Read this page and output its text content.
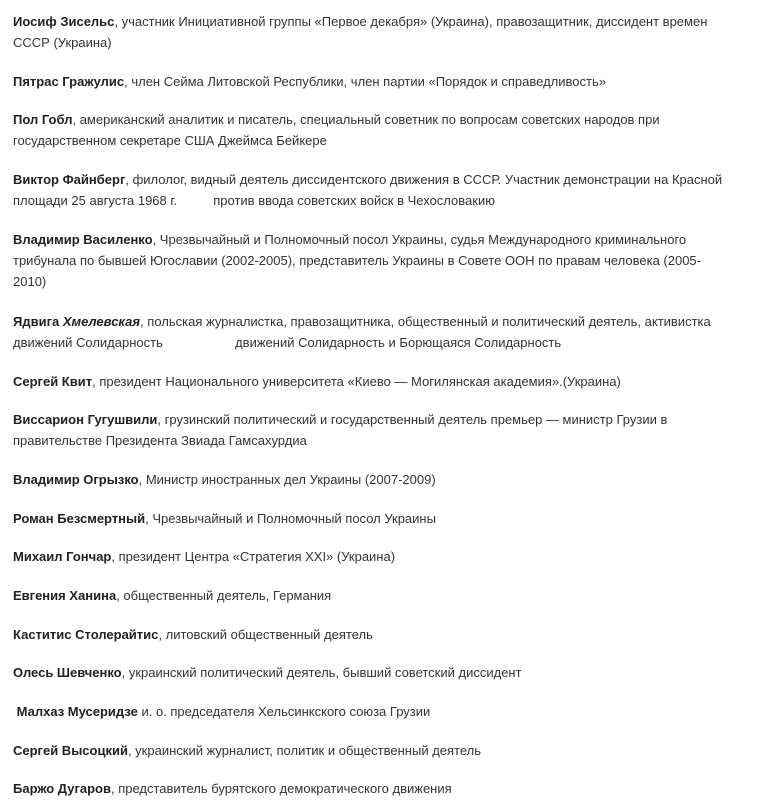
Иосиф Зисельс, участник Инициативной группы «Первое декабря» (Украина), правозащитник, диссидент времен
СССР (Украина)
Пятрас Гражулис, член Сейма Литовской Республики, член партии «Порядок и справедливость»
Пол Гобл, американский аналитик и писатель, специальный советник по вопросам советских народов при
государственном секретаре США Джеймса Бейкере
Виктор Файнберг, филолог, видный деятель диссидентского движения в СССР. Участник демонстрации на Красной
площади 25 августа 1968 г.          против ввода советских войск в Чехословакию
Владимир Василенко, Чрезвычайный и Полномочный посол Украины, судья Международного криминального
трибунала по бывшей Югославии (2002-2005), представитель Украины в Совете ООН по правам человека (2005-
2010)
Ядвига Хмелевская, польская журналистка, правозащитника, общественный и политический деятель, активистка
движений Солидарность                    движений Солидарность и Борющаяся Солидарность
Сергей Квит, президент Национального университета «Киево — Могилянская академия».(Украина)
Виссарион Гугушвили, грузинский политический и государственный деятель премьер — министр Грузии в
правительстве Президента Звиада Гамсахурдиа
Владимир Огрызко, Министр иностранных дел Украины (2007-2009)
Роман Безсмертный, Чрезвычайный и Полномочный посол Украины
Михаил Гончар, президент Центра «Стратегия XXI» (Украина)
Евгения Ханина, общественный деятель, Германия
Каститис Столерайтис, литовский общественный деятель
Олесь Шевченко, украинский политический деятель, бывший советский диссидент
Малхаз Мусеридзе и. о. председателя Хельсинкского союза Грузии
Сергей Высоцкий, украинский журналист, политик и общественный деятель
Баржо Дугаров, представитель бурятского демократического движения
